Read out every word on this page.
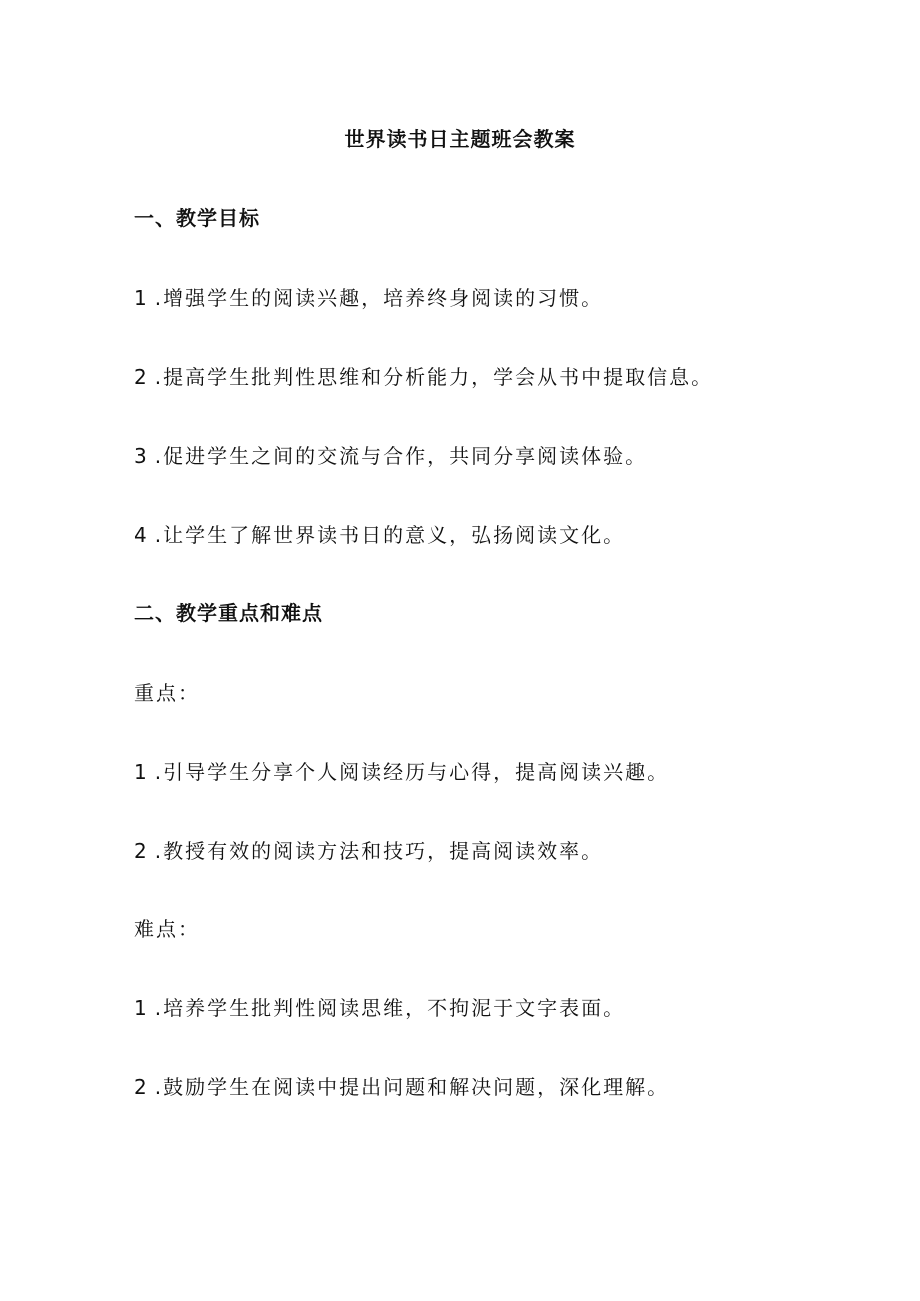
世界读书日主题班会教案
一、教学目标
1 .增强学生的阅读兴趣，培养终身阅读的习惯。
2 .提高学生批判性思维和分析能力，学会从书中提取信息。
3 .促进学生之间的交流与合作，共同分享阅读体验。
4 .让学生了解世界读书日的意义，弘扬阅读文化。
二、教学重点和难点
重点：
1 .引导学生分享个人阅读经历与心得，提高阅读兴趣。
2 .教授有效的阅读方法和技巧，提高阅读效率。
难点：
1 .培养学生批判性阅读思维，不拘泥于文字表面。
2 .鼓励学生在阅读中提出问题和解决问题，深化理解。
